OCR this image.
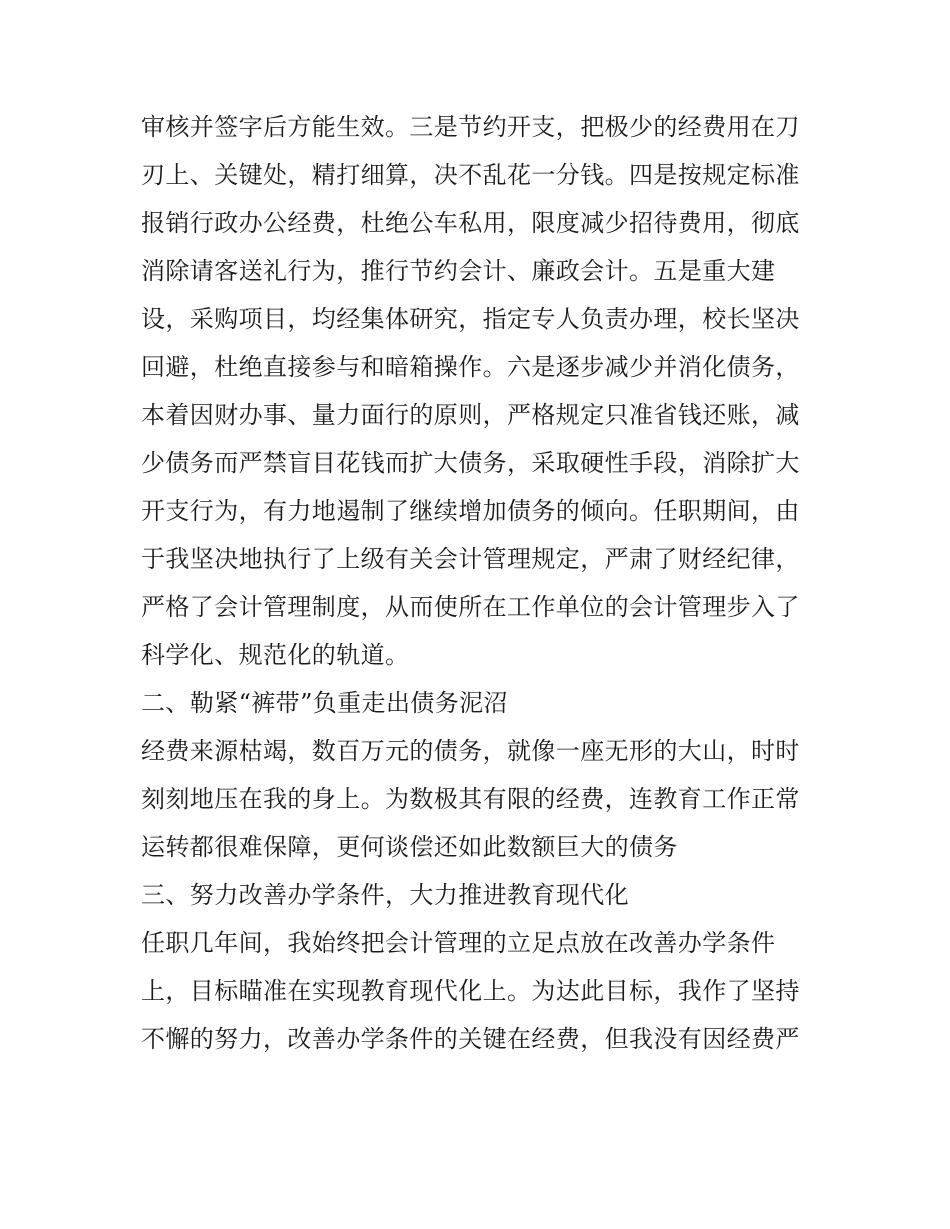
审核并签字后方能生效。三是节约开支，把极少的经费用在刀
刃上、关键处，精打细算，决不乱花一分钱。四是按规定标准
报销行政办公经费，杜绝公车私用，限度减少招待费用，彻底
消除请客送礼行为，推行节约会计、廉政会计。五是重大建
设，采购项目，均经集体研究，指定专人负责办理，校长坚决
回避，杜绝直接参与和暗箱操作。六是逐步减少并消化债务，
本着因财办事、量力面行的原则，严格规定只准省钱还账，减
少债务而严禁盲目花钱而扩大债务，采取硬性手段，消除扩大
开支行为，有力地遏制了继续增加债务的倾向。任职期间，由
于我坚决地执行了上级有关会计管理规定，严肃了财经纪律，
严格了会计管理制度，从而使所在工作单位的会计管理步入了
科学化、规范化的轨道。
二、勒紧“裤带”负重走出债务泥沼
经费来源枯竭，数百万元的债务，就像一座无形的大山，时时
刻刻地压在我的身上。为数极其有限的经费，连教育工作正常
运转都很难保障，更何谈偿还如此数额巨大的债务
三、努力改善办学条件，大力推进教育现代化
任职几年间，我始终把会计管理的立足点放在改善办学条件
上，目标瞄准在实现教育现代化上。为达此目标，我作了坚持
不懈的努力，改善办学条件的关键在经费，但我没有因经费严
